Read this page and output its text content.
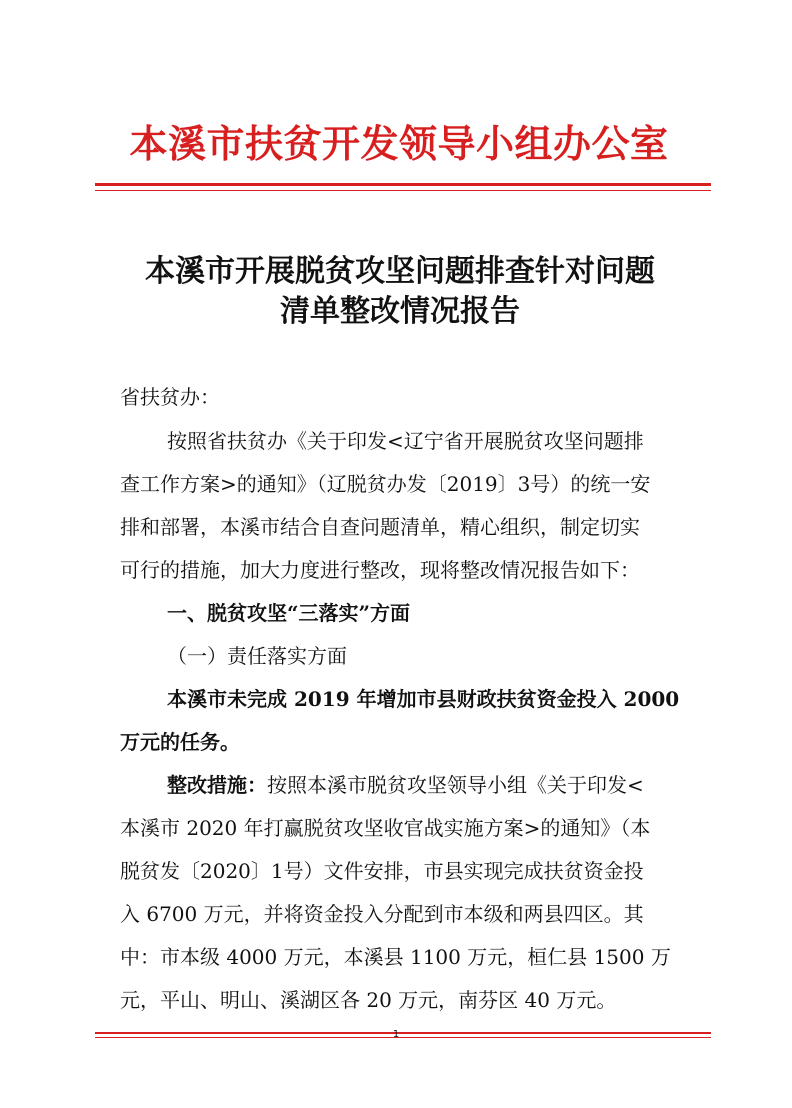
本溪市扶贫开发领导小组办公室
本溪市开展脱贫攻坚问题排查针对问题
清单整改情况报告
省扶贫办：
按照省扶贫办《关于印发<辽宁省开展脱贫攻坚问题排
查工作方案>的通知》（辽脱贫办发〔2019〕3号）的统一安
排和部署，本溪市结合自查问题清单，精心组织，制定切实
可行的措施，加大力度进行整改，现将整改情况报告如下：
一、脱贫攻坚“三落实”方面
（一）责任落实方面
本溪市未完成 2019 年增加市县财政扶贫资金投入 2000
万元的任务。
整改措施：按照本溪市脱贫攻坚领导小组《关于印发<
本溪市 2020 年打赢脱贫攻坚收官战实施方案>的通知》（本
脱贫发〔2020〕1号）文件安排，市县实现完成扶贫资金投
入 6700 万元，并将资金投入分配到市本级和两县四区。其
中：市本级 4000 万元，本溪县 1100 万元，桓仁县 1500 万
元，平山、明山、溪湖区各 20 万元，南芬区 40 万元。
1
